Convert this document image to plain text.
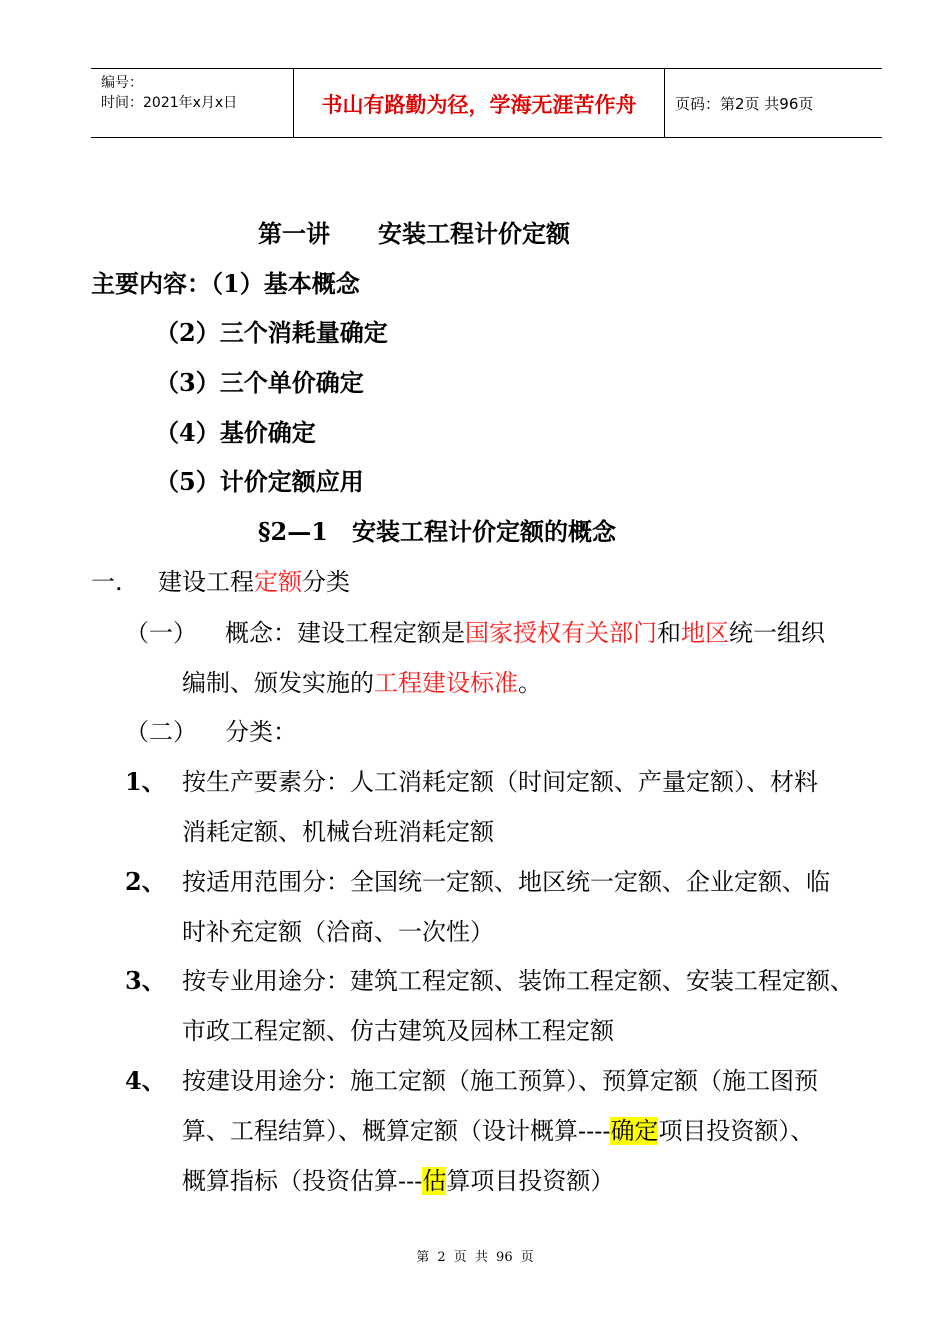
编号：
时间：2021年x月x日	书山有路勤为径，学海无涯苦作舟	页码：第2页 共96页
第一讲　　安装工程计价定额
主要内容：（1）基本概念
（2）三个消耗量确定
（3）三个单价确定
（4）基价确定
（5）计价定额应用
§2—1　安装工程计价定额的概念
一. 建设工程定额分类
（一） 概念：建设工程定额是国家授权有关部门和地区统一组织
编制、颁发实施的工程建设标准。
（二） 分类：
1、 按生产要素分：人工消耗定额（时间定额、产量定额）、材料
消耗定额、机械台班消耗定额
2、 按适用范围分：全国统一定额、地区统一定额、企业定额、临
时补充定额（洽商、一次性）
3、 按专业用途分：建筑工程定额、装饰工程定额、安装工程定额、
市政工程定额、仿古建筑及园林工程定额
4、 按建设用途分：施工定额（施工预算）、预算定额（施工图预
算、工程结算）、概算定额（设计概算----确定项目投资额）、
概算指标（投资估算---估算项目投资额）
第 2 页 共 96 页
